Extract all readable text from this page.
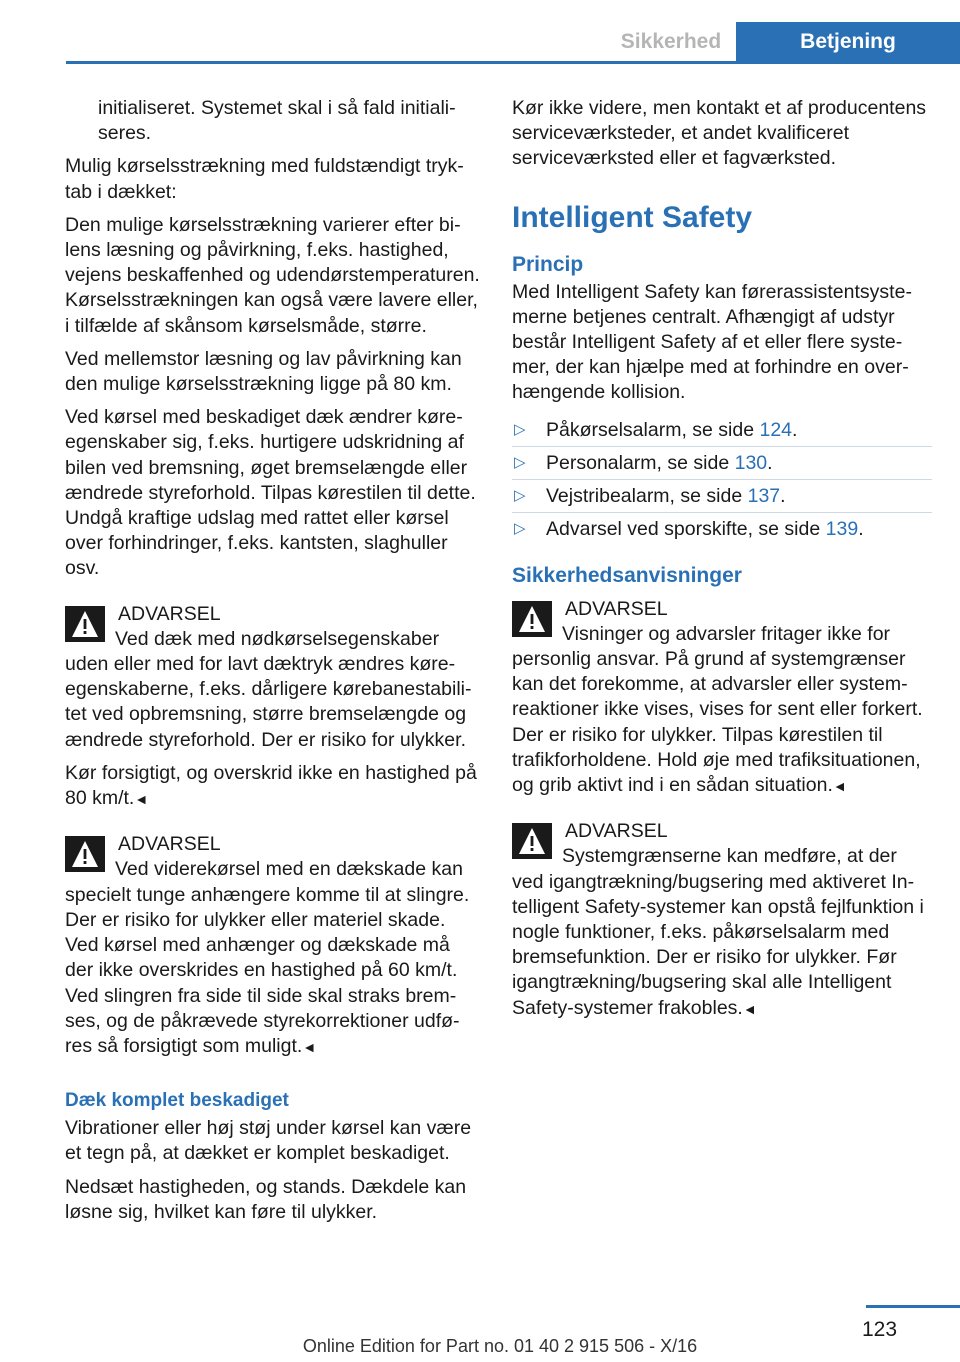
Sikkerhed	Betjening

initialiseret. Systemet skal i så fald initialiseres.

Mulig kørselsstrækning med fuldstændigt tryktab i dækket:

Den mulige kørselsstrækning varierer efter bilens læsning og påvirkning, f.eks. hastighed, vejens beskaffenhed og udendørstemperaturen. Kørselsstrækningen kan også være lavere eller, i tilfælde af skånsom kørselsmåde, større.

Ved mellemstor læsning og lav påvirkning kan den mulige kørselsstrækning ligge på 80 km.

Ved kørsel med beskadiget dæk ændrer køreegenskaber sig, f.eks. hurtigere udskridning af bilen ved bremsning, øget bremselængde eller ændrede styreforhold. Tilpas kørestilen til dette. Undgå kraftige udslag med rattet eller kørsel over forhindringer, f.eks. kantsten, slaghuller osv.

ADVARSEL

Ved dæk med nødkørselsegenskaber uden eller med for lavt dæktryk ændres køreegenskaberne, f.eks. dårligere kørebanestabilitet ved opbremsning, større bremselængde og ændrede styreforhold. Der er risiko for ulykker.

Kør forsigtigt, og overskrid ikke en hastighed på 80 km/t.◄

ADVARSEL

Ved viderekørsel med en dækskade kan specielt tunge anhængere komme til at slingre. Der er risiko for ulykker eller materiel skade. Ved kørsel med anhænger og dækskade må der ikke overskrides en hastighed på 60 km/t. Ved slingren fra side til side skal straks bremses, og de påkrævede styrekorrektioner udføres så forsigtigt som muligt.◄

Dæk komplet beskadiget

Vibrationer eller høj støj under kørsel kan være et tegn på, at dækket er komplet beskadiget.

Nedsæt hastigheden, og stands. Dækdele kan løsne sig, hvilket kan føre til ulykker.

Kør ikke videre, men kontakt et af producentens serviceværksteder, et andet kvalificeret serviceværksted eller et fagværksted.

Intelligent Safety
Princip

Med Intelligent Safety kan førerassistentsystemerne betjenes centralt. Afhængigt af udstyr består Intelligent Safety af et eller flere systemer, der kan hjælpe med at forhindre en overhængende kollision.

▷ Påkørselsalarm, se side 124.
▷ Personalarm, se side 130.
▷ Vejstribealarm, se side 137.
▷ Advarsel ved sporskifte, se side 139.
Sikkerhedsanvisninger
ADVARSEL

Visninger og advarsler fritager ikke for personlig ansvar. På grund af systemgrænser kan det forekomme, at advarsler eller systemreaktioner ikke vises, vises for sent eller forkert. Der er risiko for ulykker. Tilpas kørestilen til trafikforholdene. Hold øje med trafiksituationen, og grib aktivt ind i en sådan situation.◄

ADVARSEL

Systemgrænserne kan medføre, at der ved igangtrækning/bugsering med aktiveret Intelligent Safety-systemer kan opstå fejlfunktion i nogle funktioner, f.eks. påkørselsalarm med bremsefunktion. Der er risiko for ulykker. Før igangtrækning/bugsering skal alle Intelligent Safety-systemer frakobles.◄

123
Online Edition for Part no. 01 40 2 915 506 - X/16
